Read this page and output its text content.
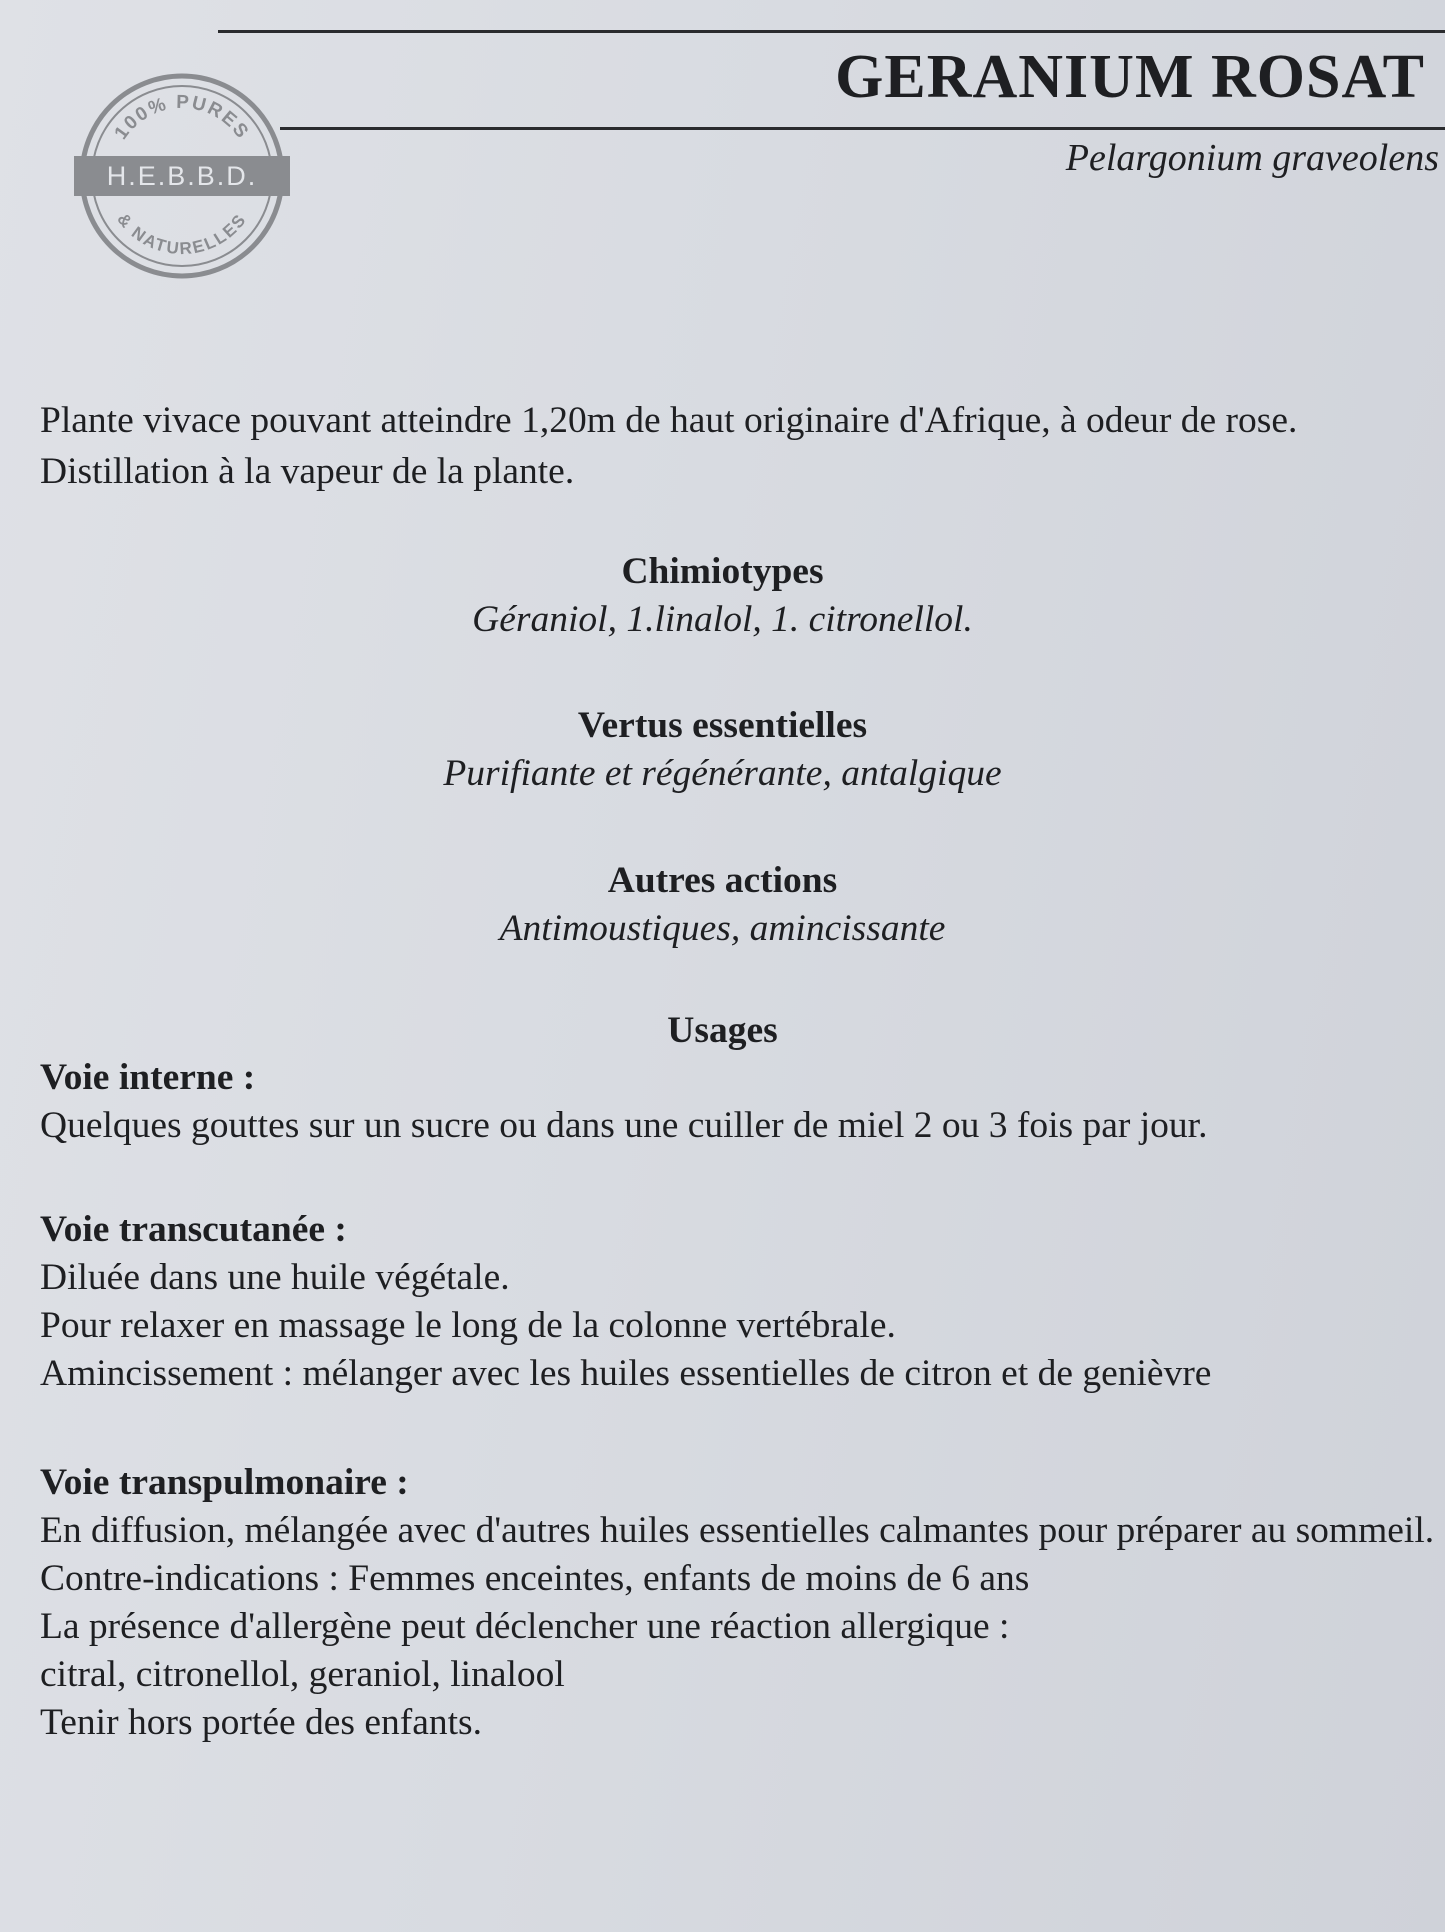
GERANIUM ROSAT

Pelargonium graveolens

100% PURES
H.E.B.B.D.
& NATURELLES

Plante vivace pouvant atteindre 1,20m de haut originaire d'Afrique, à odeur de rose. Distillation à la vapeur de la plante.

Chimiotypes

Géraniol, 1.linalol, 1. citronellol.

Vertus essentielles

Purifiante et régénérante, antalgique

Autres actions

Antimoustiques, amincissante

Usages

Voie interne :

Quelques gouttes sur un sucre ou dans une cuiller de miel 2 ou 3 fois par jour.

Voie transcutanée :

Diluée dans une huile végétale.

Pour relaxer en massage le long de la colonne vertébrale.

Amincissement : mélanger avec les huiles essentielles de citron et de genièvre

Voie transpulmonaire :

En diffusion, mélangée avec d'autres huiles essentielles calmantes pour préparer au sommeil.

Contre-indications : Femmes enceintes, enfants de moins de 6 ans

La présence d'allergène peut déclencher une réaction allergique :

citral, citronellol, geraniol, linalool

Tenir hors portée des enfants.
